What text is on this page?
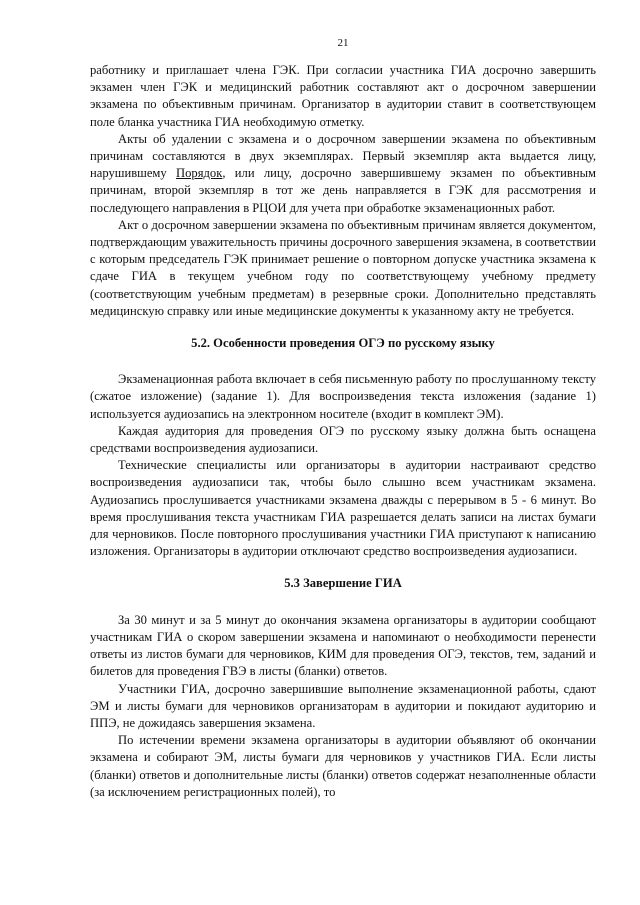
21

работнику и приглашает члена ГЭК. При согласии участника ГИА досрочно завершить экзамен член ГЭК и медицинский работник составляют акт о досрочном завершении экзамена по объективным причинам. Организатор в аудитории ставит в соответствующем поле бланка участника ГИА необходимую отметку.

Акты об удалении с экзамена и о досрочном завершении экзамена по объективным причинам составляются в двух экземплярах. Первый экземпляр акта выдается лицу, нарушившему Порядок, или лицу, досрочно завершившему экзамен по объективным причинам, второй экземпляр в тот же день направляется в ГЭК для рассмотрения и последующего направления в РЦОИ для учета при обработке экзаменационных работ.

Акт о досрочном завершении экзамена по объективным причинам является документом, подтверждающим уважительность причины досрочного завершения экзамена, в соответствии с которым председатель ГЭК принимает решение о повторном допуске участника экзамена к сдаче ГИА в текущем учебном году по соответствующему учебному предмету (соответствующим учебным предметам) в резервные сроки. Дополнительно представлять медицинскую справку или иные медицинские документы к указанному акту не требуется.

5.2. Особенности проведения ОГЭ по русскому языку

Экзаменационная работа включает в себя письменную работу по прослушанному тексту (сжатое изложение) (задание 1). Для воспроизведения текста изложения (задание 1) используется аудиозапись на электронном носителе (входит в комплект ЭМ).

Каждая аудитория для проведения ОГЭ по русскому языку должна быть оснащена средствами воспроизведения аудиозаписи.

Технические специалисты или организаторы в аудитории настраивают средство воспроизведения аудиозаписи так, чтобы было слышно всем участникам экзамена. Аудиозапись прослушивается участниками экзамена дважды с перерывом в 5 - 6 минут. Во время прослушивания текста участникам ГИА разрешается делать записи на листах бумаги для черновиков. После повторного прослушивания участники ГИА приступают к написанию изложения. Организаторы в аудитории отключают средство воспроизведения аудиозаписи.

5.3 Завершение ГИА

За 30 минут и за 5 минут до окончания экзамена организаторы в аудитории сообщают участникам ГИА о скором завершении экзамена и напоминают о необходимости перенести ответы из листов бумаги для черновиков, КИМ для проведения ОГЭ, текстов, тем, заданий и билетов для проведения ГВЭ в листы (бланки) ответов.

Участники ГИА, досрочно завершившие выполнение экзаменационной работы, сдают ЭМ и листы бумаги для черновиков организаторам в аудитории и покидают аудиторию и ППЭ, не дожидаясь завершения экзамена.

По истечении времени экзамена организаторы в аудитории объявляют об окончании экзамена и собирают ЭМ, листы бумаги для черновиков у участников ГИА. Если листы (бланки) ответов и дополнительные листы (бланки) ответов содержат незаполненные области (за исключением регистрационных полей), то
